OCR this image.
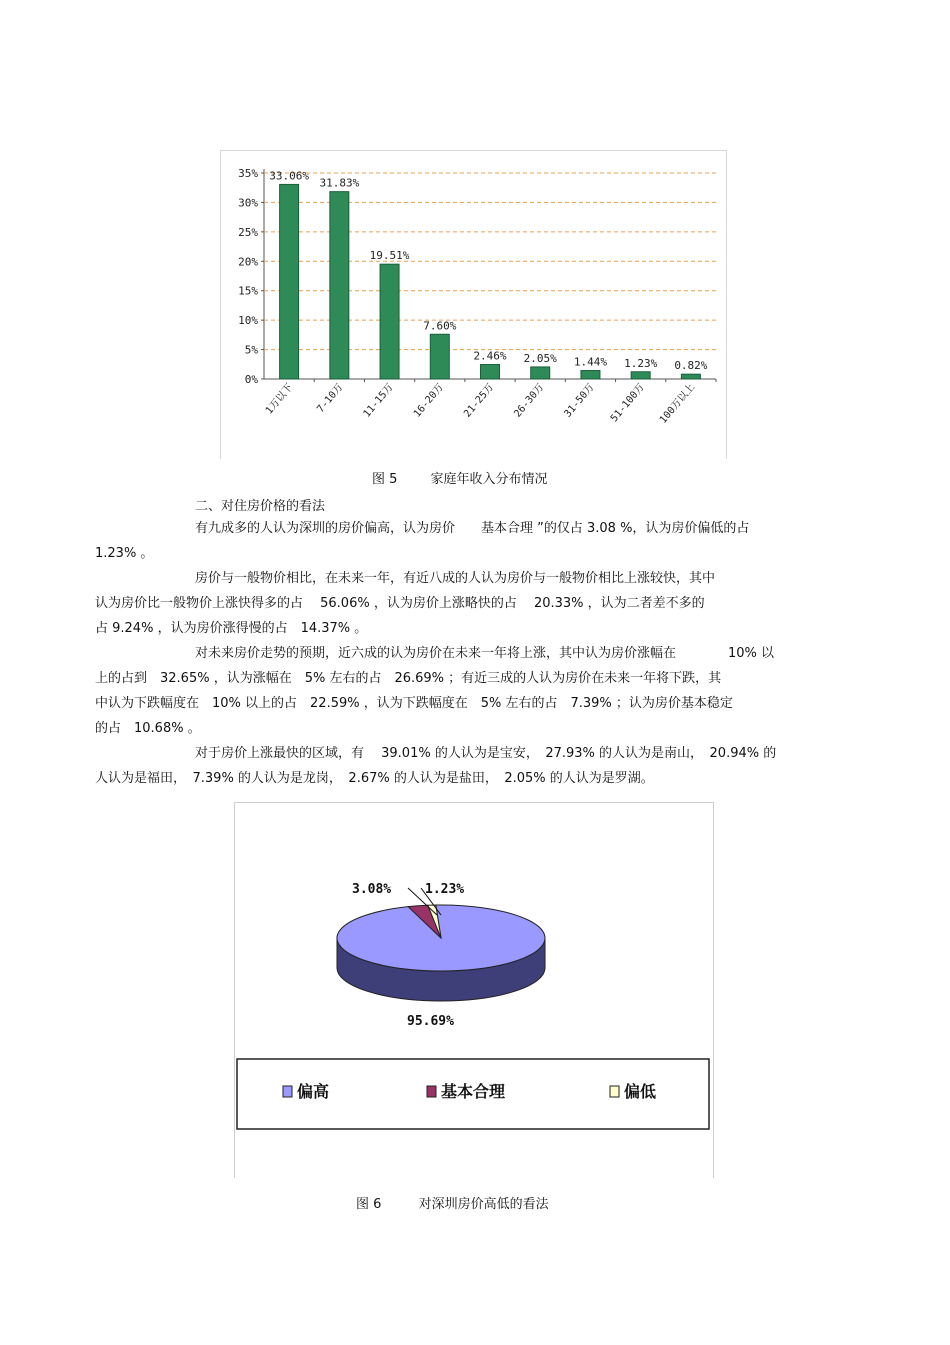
0%
5%
10%
15%
20%
25%
30%
35% 33.06%
1万以下
31.83%
7-10万
19.51%
11-15万
7.60%
16-20万
2.46%
21-25万
2.05%
26-30万
1.44%
31-50万
1.23%
51-100万
0.82%
100万以上
图 5	家庭年收入分布情况
二、对住房价格的看法

有九成多的人认为深圳的房价偏高，认为房价　　基本合理 ”的仅占 3.08 %，认为房价偏低的占
1.23% 。

房价与一般物价相比，在未来一年，有近八成的人认为房价与一般物价相比上涨较快，其中
认为房价比一般物价上涨快得多的占　 56.06% ，认为房价上涨略快的占　 20.33% ，认为二者差不多的
占 9.24% ，认为房价涨得慢的占　14.37% 。

对未来房价走势的预期，近六成的认为房价在未来一年将上涨，其中认为房价涨幅在　　　　10% 以
上的占到　32.65% ，认为涨幅在　5% 左右的占　26.69% ；有近三成的人认为房价在未来一年将下跌，其
中认为下跌幅度在　10% 以上的占　22.59% ，认为下跌幅度在　5% 左右的占　7.39% ；认为房价基本稳定
的占　10.68% 。

对于房价上涨最快的区域，有　 39.01% 的人认为是宝安，　27.93% 的人认为是南山，　20.94% 的
人认为是福田，　7.39% 的人认为是龙岗，　2.67% 的人认为是盐田，　2.05% 的人认为是罗湖。

3.08%	1.23%
95.69%
偏高	基本合理	偏低
图 6	对深圳房价高低的看法
